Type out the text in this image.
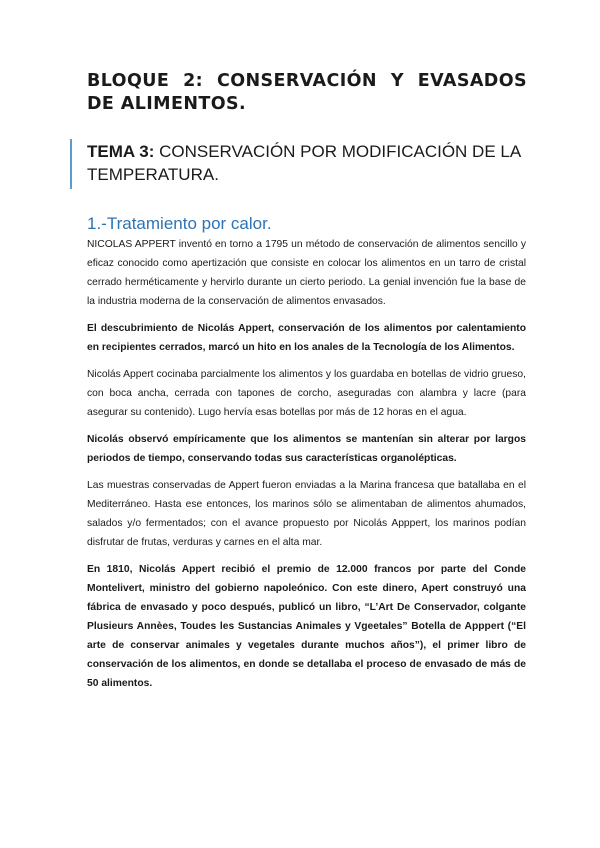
BLOQUE 2: CONSERVACIÓN Y EVASADOS DE ALIMENTOS.
TEMA 3: CONSERVACIÓN POR MODIFICACIÓN DE LA TEMPERATURA.
1.-Tratamiento por calor.

NICOLAS APPERT inventó en torno a 1795 un método de conservación de alimentos sencillo y eficaz conocido como apertización que consiste en colocar los alimentos en un tarro de cristal cerrado herméticamente y hervirlo durante un cierto periodo. La genial invención fue la base de la industria moderna de la conservación de alimentos envasados.

El descubrimiento de Nicolás Appert, conservación de los alimentos por calentamiento en recipientes cerrados, marcó un hito en los anales de la Tecnología de los Alimentos.

Nicolás Appert cocinaba parcialmente los alimentos y los guardaba en botellas de vidrio grueso, con boca ancha, cerrada con tapones de corcho, aseguradas con alambra y lacre (para asegurar su contenido). Lugo hervía esas botellas por más de 12 horas en el agua.

Nicolás observó empíricamente que los alimentos se mantenían sin alterar por largos periodos de tiempo, conservando todas sus características organolépticas.

Las muestras conservadas de Appert fueron enviadas a la Marina francesa que batallaba en el Mediterráneo. Hasta ese entonces, los marinos sólo se alimentaban de alimentos ahumados, salados y/o fermentados; con el avance propuesto por Nicolás Apppert, los marinos podían disfrutar de frutas, verduras y carnes en el alta mar.

En 1810, Nicolás Appert recibió el premio de 12.000 francos por parte del Conde Montelivert, ministro del gobierno napoleónico. Con este dinero, Apert construyó una fábrica de envasado y poco después, publicó un libro, “L’Art De Conservador, colgante Plusieurs Annèes, Toudes les Sustancias Animales y Vgeetales” Botella de Apppert (“El arte de conservar animales y vegetales durante muchos años”), el primer libro de conservación de los alimentos, en donde se detallaba el proceso de envasado de más de 50 alimentos.
